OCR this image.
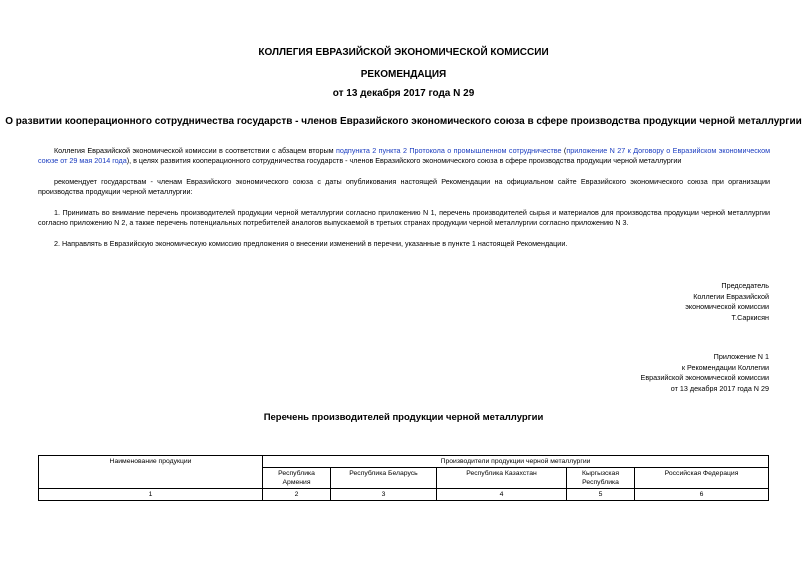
КОЛЛЕГИЯ ЕВРАЗИЙСКОЙ ЭКОНОМИЧЕСКОЙ КОМИССИИ
РЕКОМЕНДАЦИЯ
от 13 декабря 2017 года N 29
О развитии кооперационного сотрудничества государств - членов Евразийского экономического союза в сфере производства продукции черной металлургии
Коллегия Евразийской экономической комиссии в соответствии с абзацем вторым подпункта 2 пункта 2 Протокола о промышленном сотрудничестве (приложение N 27 к Договору о Евразийском экономическом союзе от 29 мая 2014 года), в целях развития кооперационного сотрудничества государств - членов Евразийского экономического союза в сфере производства продукции черной металлургии
рекомендует государствам - членам Евразийского экономического союза с даты опубликования настоящей Рекомендации на официальном сайте Евразийского экономического союза при организации производства продукции черной металлургии:
1. Принимать во внимание перечень производителей продукции черной металлургии согласно приложению N 1, перечень производителей сырья и материалов для производства продукции черной металлургии согласно приложению N 2, а также перечень потенциальных потребителей аналогов выпускаемой в третьих странах продукции черной металлургии согласно приложению N 3.
2. Направлять в Евразийскую экономическую комиссию предложения о внесении изменений в перечни, указанные в пункте 1 настоящей Рекомендации.
Председатель
Коллегии Евразийской
экономической комиссии
Т.Саркисян
Приложение N 1
к Рекомендации Коллегии
Евразийской экономической комиссии
от 13 декабря 2017 года N 29
Перечень производителей продукции черной металлургии
Наименование продукции	Производители продукции черной металлургии				
	Республика Армения	Республика Беларусь	Республика Казахстан	Кыргызская Республика	Российская Федерация
1	2	3	4	5	6
